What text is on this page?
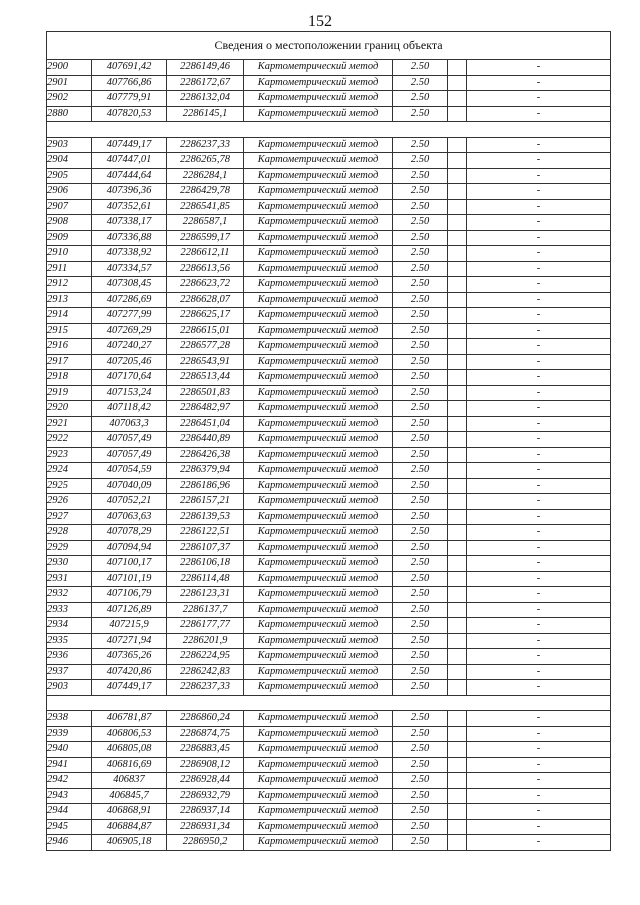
152
Сведения о местоположении границ объекта						
2900	407691,42	2286149,46	Картометрический метод	2.50		-
2901	407766,86	2286172,67	Картометрический метод	2.50		-
2902	407779,91	2286132,04	Картометрический метод	2.50		-
2880	407820,53	2286145,1	Картометрический метод	2.50		-

2903	407449,17	2286237,33	Картометрический метод	2.50		-
2904	407447,01	2286265,78	Картометрический метод	2.50		-
2905	407444,64	2286284,1	Картометрический метод	2.50		-
2906	407396,36	2286429,78	Картометрический метод	2.50		-
2907	407352,61	2286541,85	Картометрический метод	2.50		-
2908	407338,17	2286587,1	Картометрический метод	2.50		-
2909	407336,88	2286599,17	Картометрический метод	2.50		-
2910	407338,92	2286612,11	Картометрический метод	2.50		-
2911	407334,57	2286613,56	Картометрический метод	2.50		-
2912	407308,45	2286623,72	Картометрический метод	2.50		-
2913	407286,69	2286628,07	Картометрический метод	2.50		-
2914	407277,99	2286625,17	Картометрический метод	2.50		-
2915	407269,29	2286615,01	Картометрический метод	2.50		-
2916	407240,27	2286577,28	Картометрический метод	2.50		-
2917	407205,46	2286543,91	Картометрический метод	2.50		-
2918	407170,64	2286513,44	Картометрический метод	2.50		-
2919	407153,24	2286501,83	Картометрический метод	2.50		-
2920	407118,42	2286482,97	Картометрический метод	2.50		-
2921	407063,3	2286451,04	Картометрический метод	2.50		-
2922	407057,49	2286440,89	Картометрический метод	2.50		-
2923	407057,49	2286426,38	Картометрический метод	2.50		-
2924	407054,59	2286379,94	Картометрический метод	2.50		-
2925	407040,09	2286186,96	Картометрический метод	2.50		-
2926	407052,21	2286157,21	Картометрический метод	2.50		-
2927	407063,63	2286139,53	Картометрический метод	2.50		-
2928	407078,29	2286122,51	Картометрический метод	2.50		-
2929	407094,94	2286107,37	Картометрический метод	2.50		-
2930	407100,17	2286106,18	Картометрический метод	2.50		-
2931	407101,19	2286114,48	Картометрический метод	2.50		-
2932	407106,79	2286123,31	Картометрический метод	2.50		-
2933	407126,89	2286137,7	Картометрический метод	2.50		-
2934	407215,9	2286177,77	Картометрический метод	2.50		-
2935	407271,94	2286201,9	Картометрический метод	2.50		-
2936	407365,26	2286224,95	Картометрический метод	2.50		-
2937	407420,86	2286242,83	Картометрический метод	2.50		-
2903	407449,17	2286237,33	Картометрический метод	2.50		-

2938	406781,87	2286860,24	Картометрический метод	2.50		-
2939	406806,53	2286874,75	Картометрический метод	2.50		-
2940	406805,08	2286883,45	Картометрический метод	2.50		-
2941	406816,69	2286908,12	Картометрический метод	2.50		-
2942	406837	2286928,44	Картометрический метод	2.50		-
2943	406845,7	2286932,79	Картометрический метод	2.50		-
2944	406868,91	2286937,14	Картометрический метод	2.50		-
2945	406884,87	2286931,34	Картометрический метод	2.50		-
2946	406905,18	2286950,2	Картометрический метод	2.50		-
